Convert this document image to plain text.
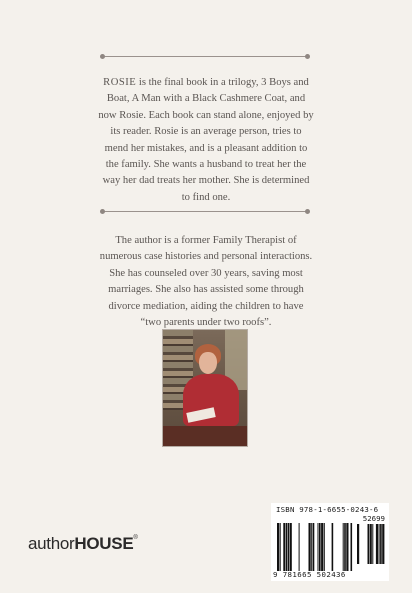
ROSIE is the final book in a trilogy, 3 Boys and Boat, A Man with a Black Cashmere Coat, and now Rosie. Each book can stand alone, enjoyed by its reader. Rosie is an average person, tries to mend her mistakes, and is a pleasant addition to the family. She wants a husband to treat her the way her dad treats her mother. She is determined to find one.

The author is a former Family Therapist of numerous case histories and personal interactions. She has counseled over 30 years, saving most marriages. She also has assisted some through divorce mediation, aiding the children to have “two parents under two roofs”.

authorHOUSE®
ISBN 978-1-6655-0243-6
52699
9 781665 502436
